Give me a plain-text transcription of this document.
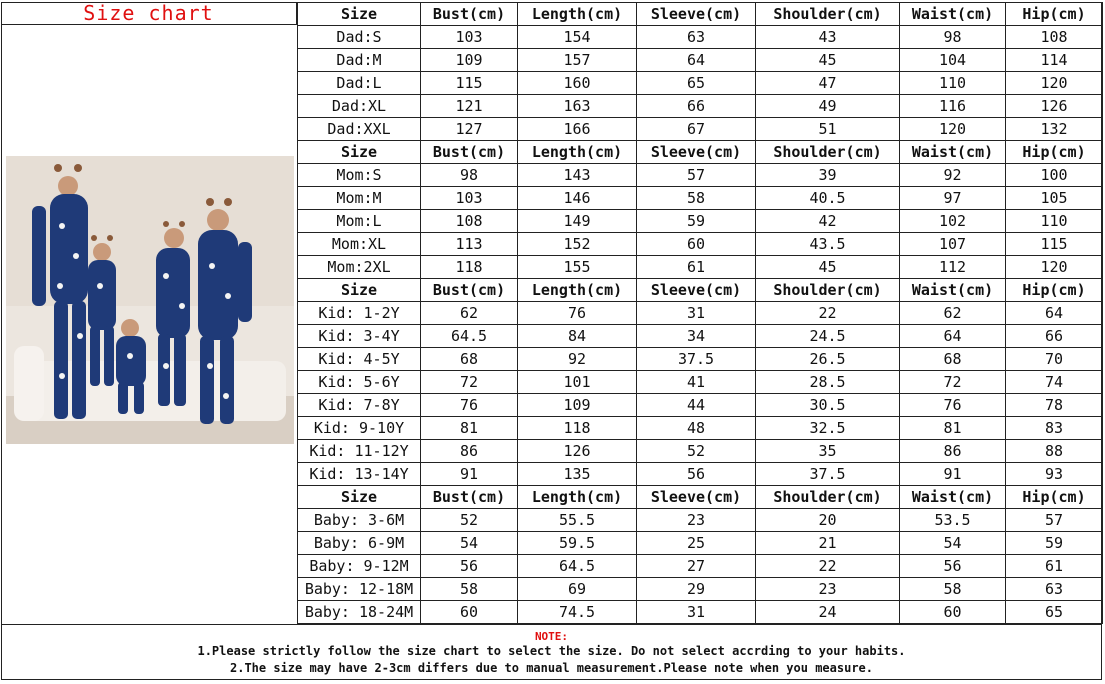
Size chart	Size	Bust(cm)	Length(cm)	Sleeve(cm)	Shoulder(cm)	Waist(cm)	Hip(cm)
Dad:S	103	154	63	43	98	108
Dad:M	109	157	64	45	104	114
Dad:L	115	160	65	47	110	120
Dad:XL	121	163	66	49	116	126
Dad:XXL	127	166	67	51	120	132
Size	Bust(cm)	Length(cm)	Sleeve(cm)	Shoulder(cm)	Waist(cm)	Hip(cm)
Mom:S	98	143	57	39	92	100
Mom:M	103	146	58	40.5	97	105
Mom:L	108	149	59	42	102	110
Mom:XL	113	152	60	43.5	107	115
Mom:2XL	118	155	61	45	112	120
Size	Bust(cm)	Length(cm)	Sleeve(cm)	Shoulder(cm)	Waist(cm)	Hip(cm)
Kid: 1-2Y	62	76	31	22	62	64
Kid: 3-4Y	64.5	84	34	24.5	64	66
Kid: 4-5Y	68	92	37.5	26.5	68	70
Kid: 5-6Y	72	101	41	28.5	72	74
Kid: 7-8Y	76	109	44	30.5	76	78
Kid: 9-10Y	81	118	48	32.5	81	83
Kid: 11-12Y	86	126	52	35	86	88
Kid: 13-14Y	91	135	56	37.5	91	93
Size	Bust(cm)	Length(cm)	Sleeve(cm)	Shoulder(cm)	Waist(cm)	Hip(cm)
Baby: 3-6M	52	55.5	23	20	53.5	57
Baby: 6-9M	54	59.5	25	21	54	59
Baby: 9-12M	56	64.5	27	22	56	61
Baby: 12-18M	58	69	29	23	58	63
Baby: 18-24M	60	74.5	31	24	60	65
NOTE:
1.Please strictly follow the size chart to select the size. Do not select accrding to your habits.
2.The size may have 2-3cm differs due to manual measurement.Please note when you measure.
